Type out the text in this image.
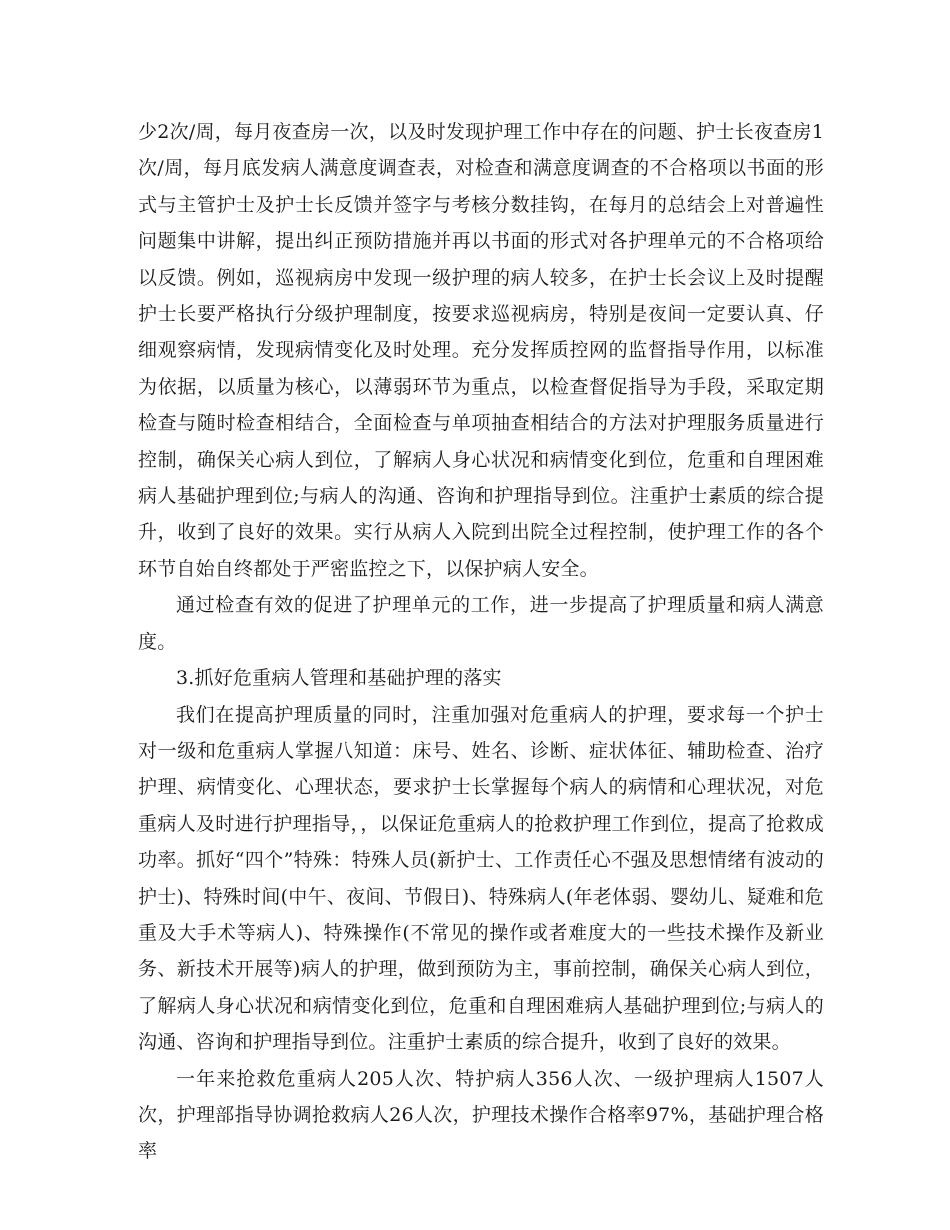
少2次/周，每月夜查房一次，以及时发现护理工作中存在的问题、护士长夜查房1次/周，每月底发病人满意度调查表，对检查和满意度调查的不合格项以书面的形式与主管护士及护士长反馈并签字与考核分数挂钩，在每月的总结会上对普遍性问题集中讲解，提出纠正预防措施并再以书面的形式对各护理单元的不合格项给以反馈。例如，巡视病房中发现一级护理的病人较多，在护士长会议上及时提醒护士长要严格执行分级护理制度，按要求巡视病房，特别是夜间一定要认真、仔细观察病情，发现病情变化及时处理。充分发挥质控网的监督指导作用，以标准为依据，以质量为核心，以薄弱环节为重点，以检查督促指导为手段，采取定期检查与随时检查相结合，全面检查与单项抽查相结合的方法对护理服务质量进行控制，确保关心病人到位，了解病人身心状况和病情变化到位，危重和自理困难病人基础护理到位;与病人的沟通、咨询和护理指导到位。注重护士素质的综合提升，收到了良好的效果。实行从病人入院到出院全过程控制，使护理工作的各个环节自始自终都处于严密监控之下，以保护病人安全。

通过检查有效的促进了护理单元的工作，进一步提高了护理质量和病人满意度。

3.抓好危重病人管理和基础护理的落实

我们在提高护理质量的同时，注重加强对危重病人的护理，要求每一个护士对一级和危重病人掌握八知道：床号、姓名、诊断、症状体征、辅助检查、治疗护理、病情变化、心理状态，要求护士长掌握每个病人的病情和心理状况，对危重病人及时进行护理指导，，以保证危重病人的抢救护理工作到位，提高了抢救成功率。抓好“四个”特殊：特殊人员(新护士、工作责任心不强及思想情绪有波动的护士)、特殊时间(中午、夜间、节假日)、特殊病人(年老体弱、婴幼儿、疑难和危重及大手术等病人)、特殊操作(不常见的操作或者难度大的一些技术操作及新业务、新技术开展等)病人的护理，做到预防为主，事前控制，确保关心病人到位，了解病人身心状况和病情变化到位，危重和自理困难病人基础护理到位;与病人的沟通、咨询和护理指导到位。注重护士素质的综合提升，收到了良好的效果。

一年来抢救危重病人205人次、特护病人356人次、一级护理病人1507人次，护理部指导协调抢救病人26人次，护理技术操作合格率97%，基础护理合格率
